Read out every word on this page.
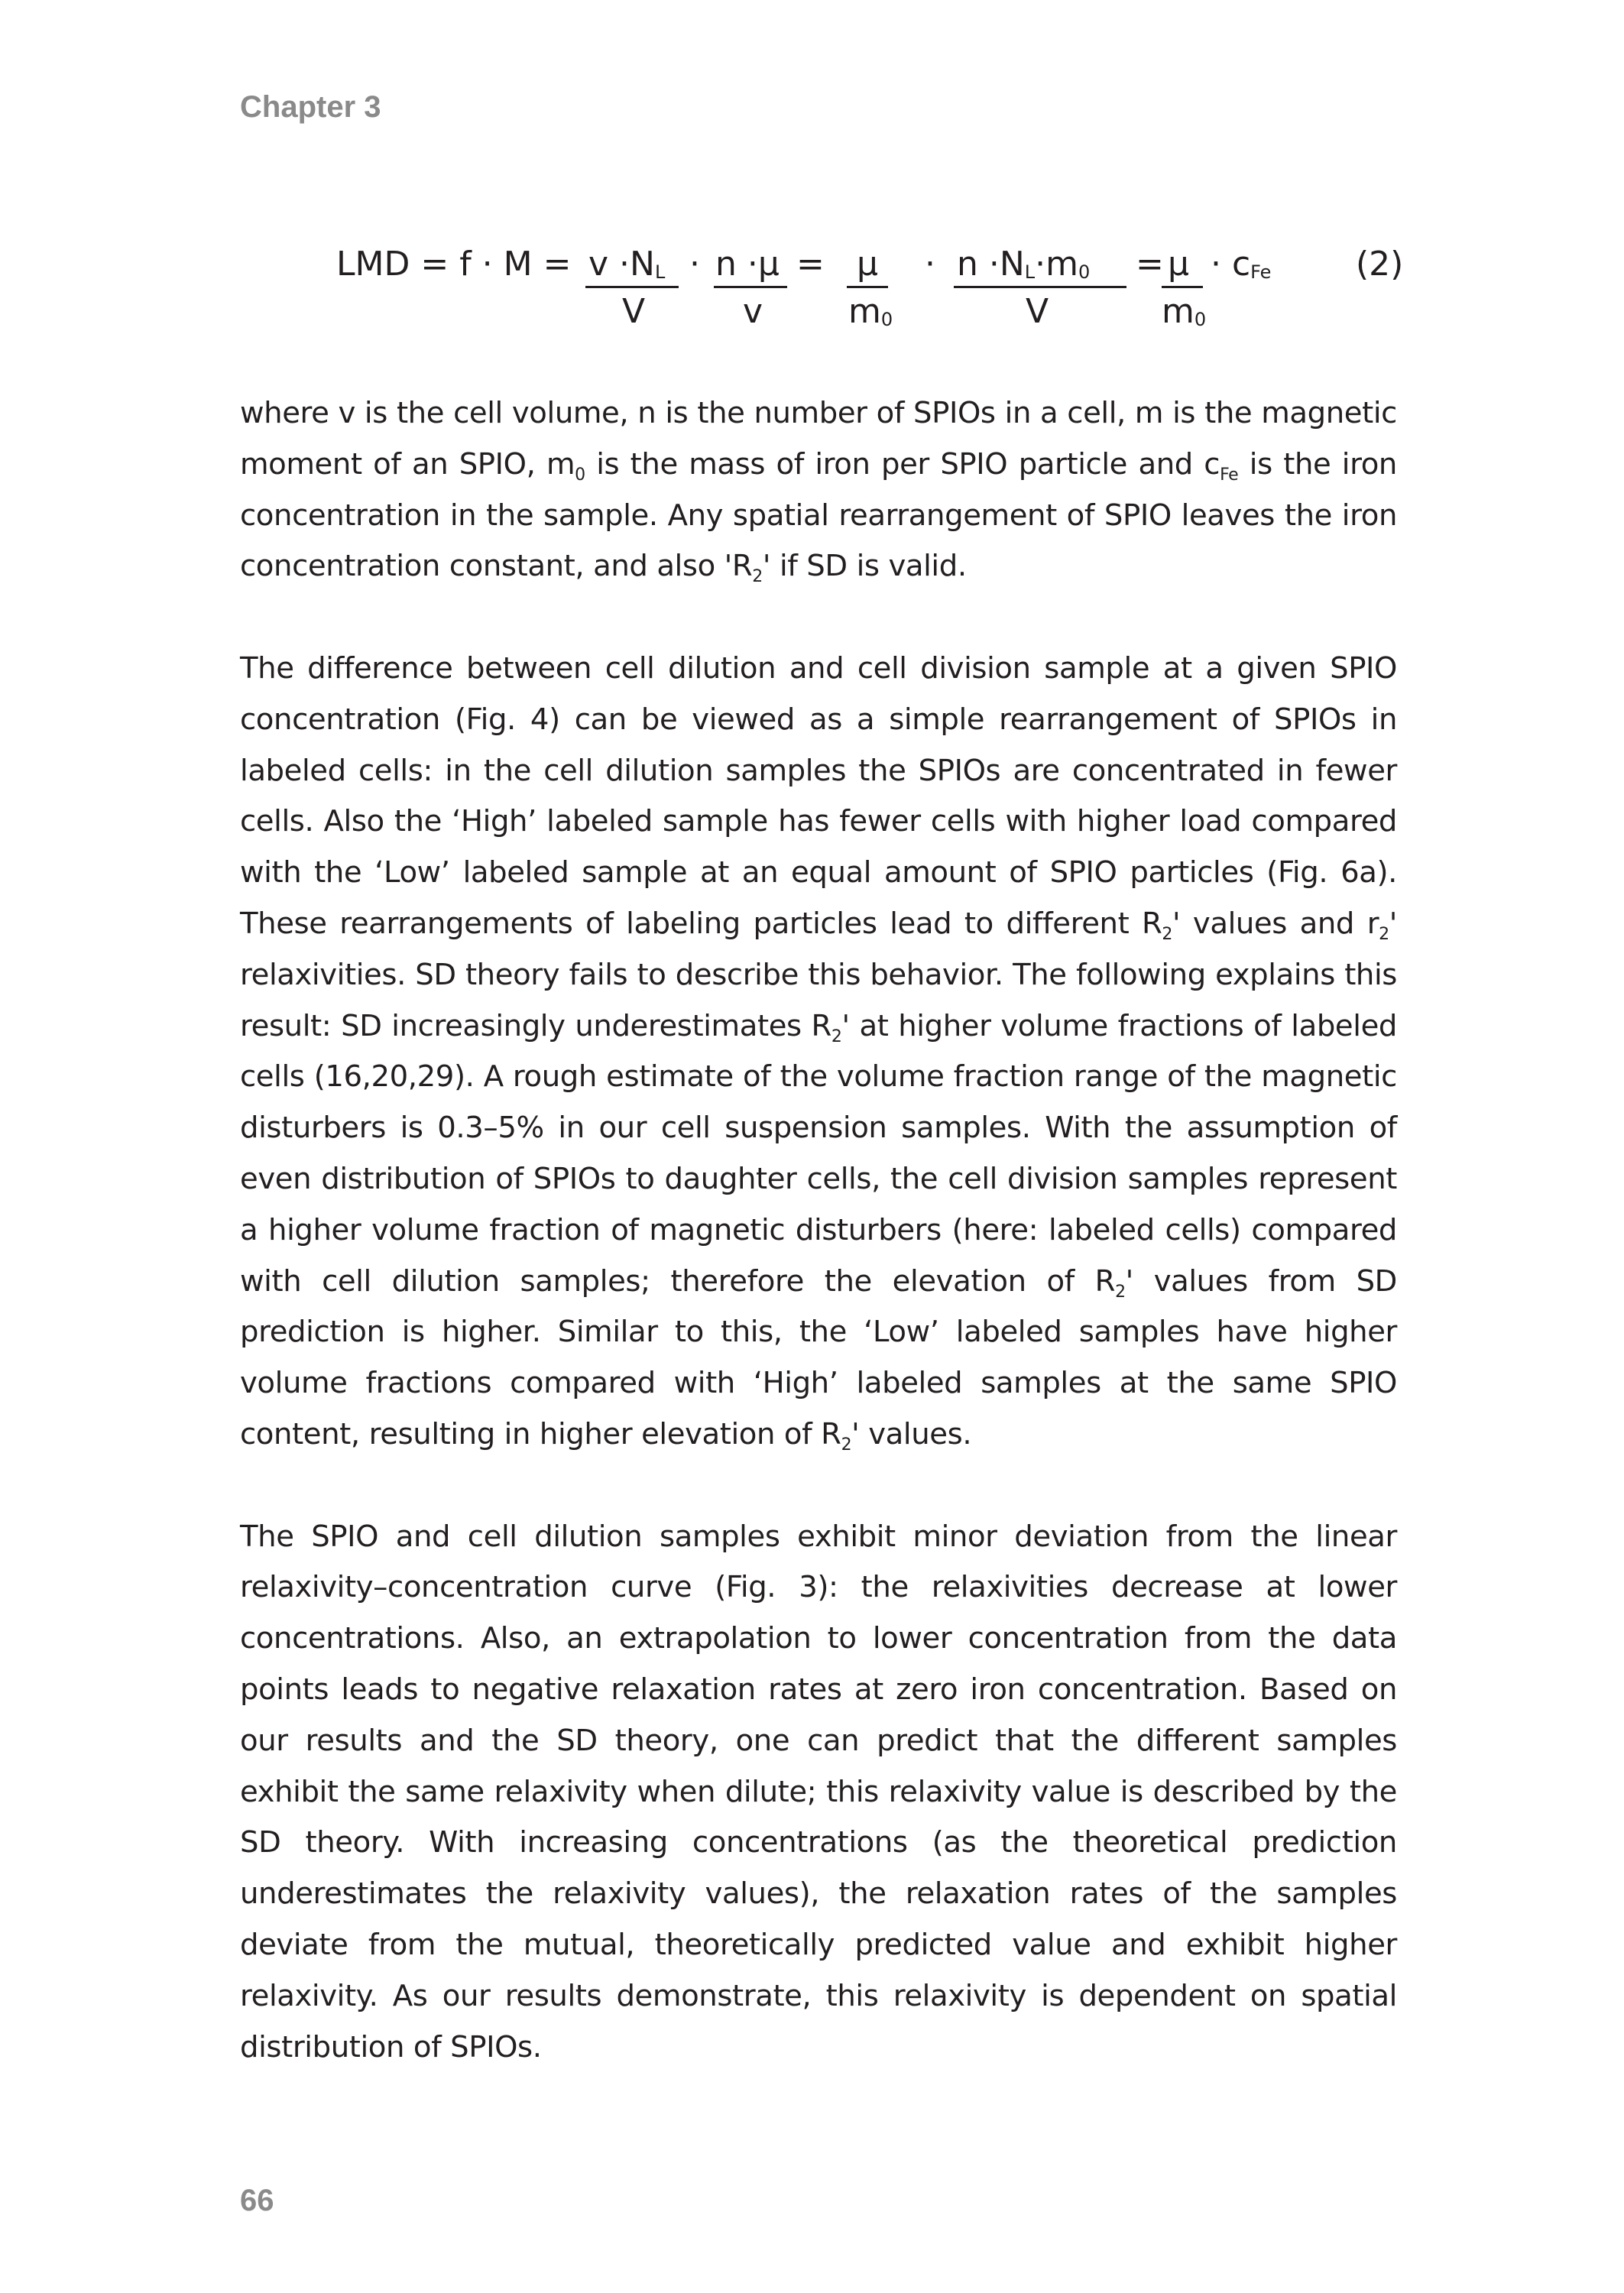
Chapter 3
LMD = f · M = v ·NL
V
· n ·µ
v
= µ
m0
· n ·NL·m0
V
= µ
m0
· cFe	(2)

where v is the cell volume, n is the number of SPIOs in a cell, m is the magnetic moment of an SPIO, $m_0$ is the mass of iron per SPIO particle and $c_{Fe}$ is the iron concentration in the sample. Any spatial rearrangement of SPIO leaves the iron concentration constant, and also '$R_2$' if SD is valid.

The difference between cell dilution and cell division sample at a given SPIO concentration (Fig. 4) can be viewed as a simple rearrangement of SPIOs in labeled cells: in the cell dilution samples the SPIOs are concentrated in fewer cells. Also the ‘High’ labeled sample has fewer cells with higher load compared with the ‘Low’ labeled sample at an equal amount of SPIO particles (Fig. 6a). These rearrangements of labeling particles lead to different $R_2'$ values and $r_2'$ relaxivities. SD theory fails to describe this behavior. The following explains this result: SD increasingly underestimates $R_2'$ at higher volume fractions of labeled cells (16,20,29). A rough estimate of the volume fraction range of the magnetic disturbers is 0.3–5% in our cell suspension samples. With the assumption of even distribution of SPIOs to daughter cells, the cell division samples represent a higher volume fraction of magnetic disturbers (here: labeled cells) compared with cell dilution samples; therefore the elevation of $R_2'$ values from SD prediction is higher. Similar to this, the ‘Low’ labeled samples have higher volume fractions compared with ‘High’ labeled samples at the same SPIO content, resulting in higher elevation of $R_2'$ values.

The SPIO and cell dilution samples exhibit minor deviation from the linear relaxivity–concentration curve (Fig. 3): the relaxivities decrease at lower concentrations. Also, an extrapolation to lower concentration from the data points leads to negative relaxation rates at zero iron concentration. Based on our results and the SD theory, one can predict that the different samples exhibit the same relaxivity when dilute; this relaxivity value is described by the SD theory. With increasing concentrations (as the theoretical prediction underestimates the relaxivity values), the relaxation rates of the samples deviate from the mutual, theoretically predicted value and exhibit higher relaxivity. As our results demonstrate, this relaxivity is dependent on spatial distribution of SPIOs.

66
